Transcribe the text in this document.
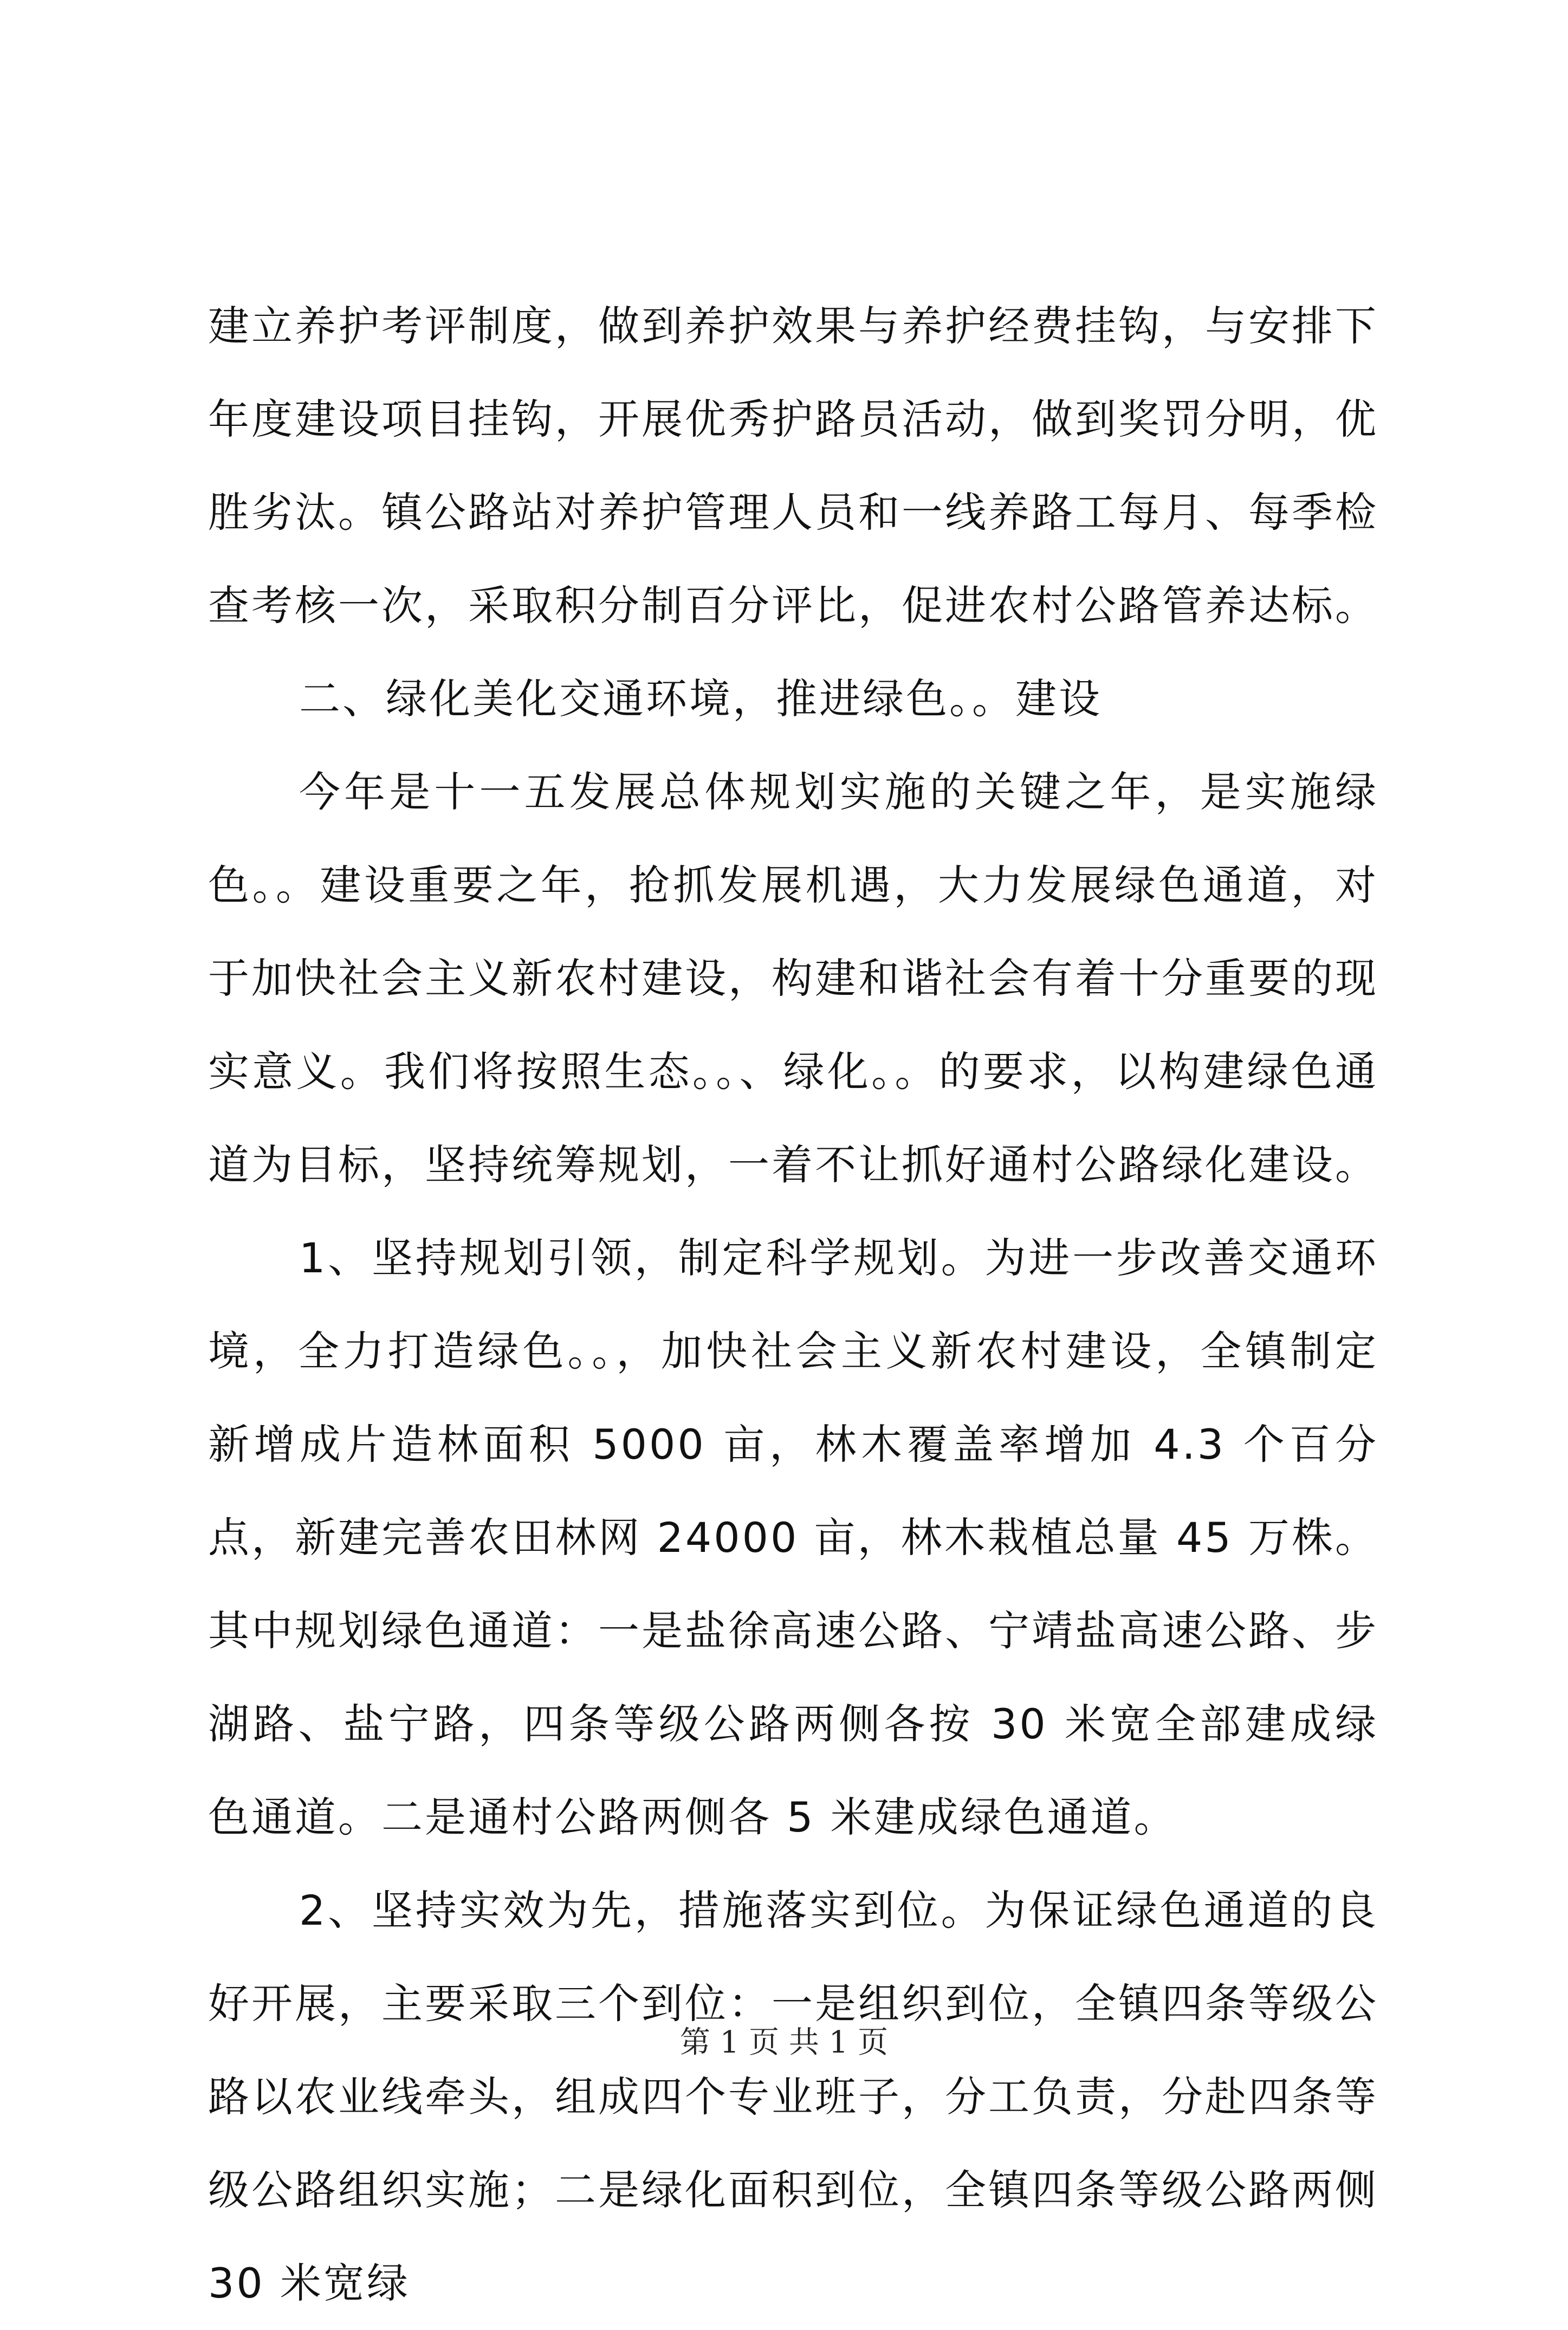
建立养护考评制度，做到养护效果与养护经费挂钩，与安排下年度建设项目挂钩，开展优秀护路员活动，做到奖罚分明，优胜劣汰。镇公路站对养护管理人员和一线养路工每月、每季检查考核一次，采取积分制百分评比，促进农村公路管养达标。

二、绿化美化交通环境，推进绿色。。建设

今年是十一五发展总体规划实施的关键之年，是实施绿色。。建设重要之年，抢抓发展机遇，大力发展绿色通道，对于加快社会主义新农村建设，构建和谐社会有着十分重要的现实意义。我们将按照生态。。、绿化。。的要求，以构建绿色通道为目标，坚持统筹规划，一着不让抓好通村公路绿化建设。

1、坚持规划引领，制定科学规划。为进一步改善交通环境，全力打造绿色。。，加快社会主义新农村建设，全镇制定新增成片造林面积 5000 亩，林木覆盖率增加 4.3 个百分点，新建完善农田林网 24000 亩，林木栽植总量 45 万株。其中规划绿色通道：一是盐徐高速公路、宁靖盐高速公路、步湖路、盐宁路，四条等级公路两侧各按 30 米宽全部建成绿色通道。二是通村公路两侧各 5 米建成绿色通道。

2、坚持实效为先，措施落实到位。为保证绿色通道的良好开展，主要采取三个到位：一是组织到位，全镇四条等级公路以农业线牵头，组成四个专业班子，分工负责，分赴四条等级公路组织实施；二是绿化面积到位，全镇四条等级公路两侧 30 米宽绿

第 1 页 共 1 页
